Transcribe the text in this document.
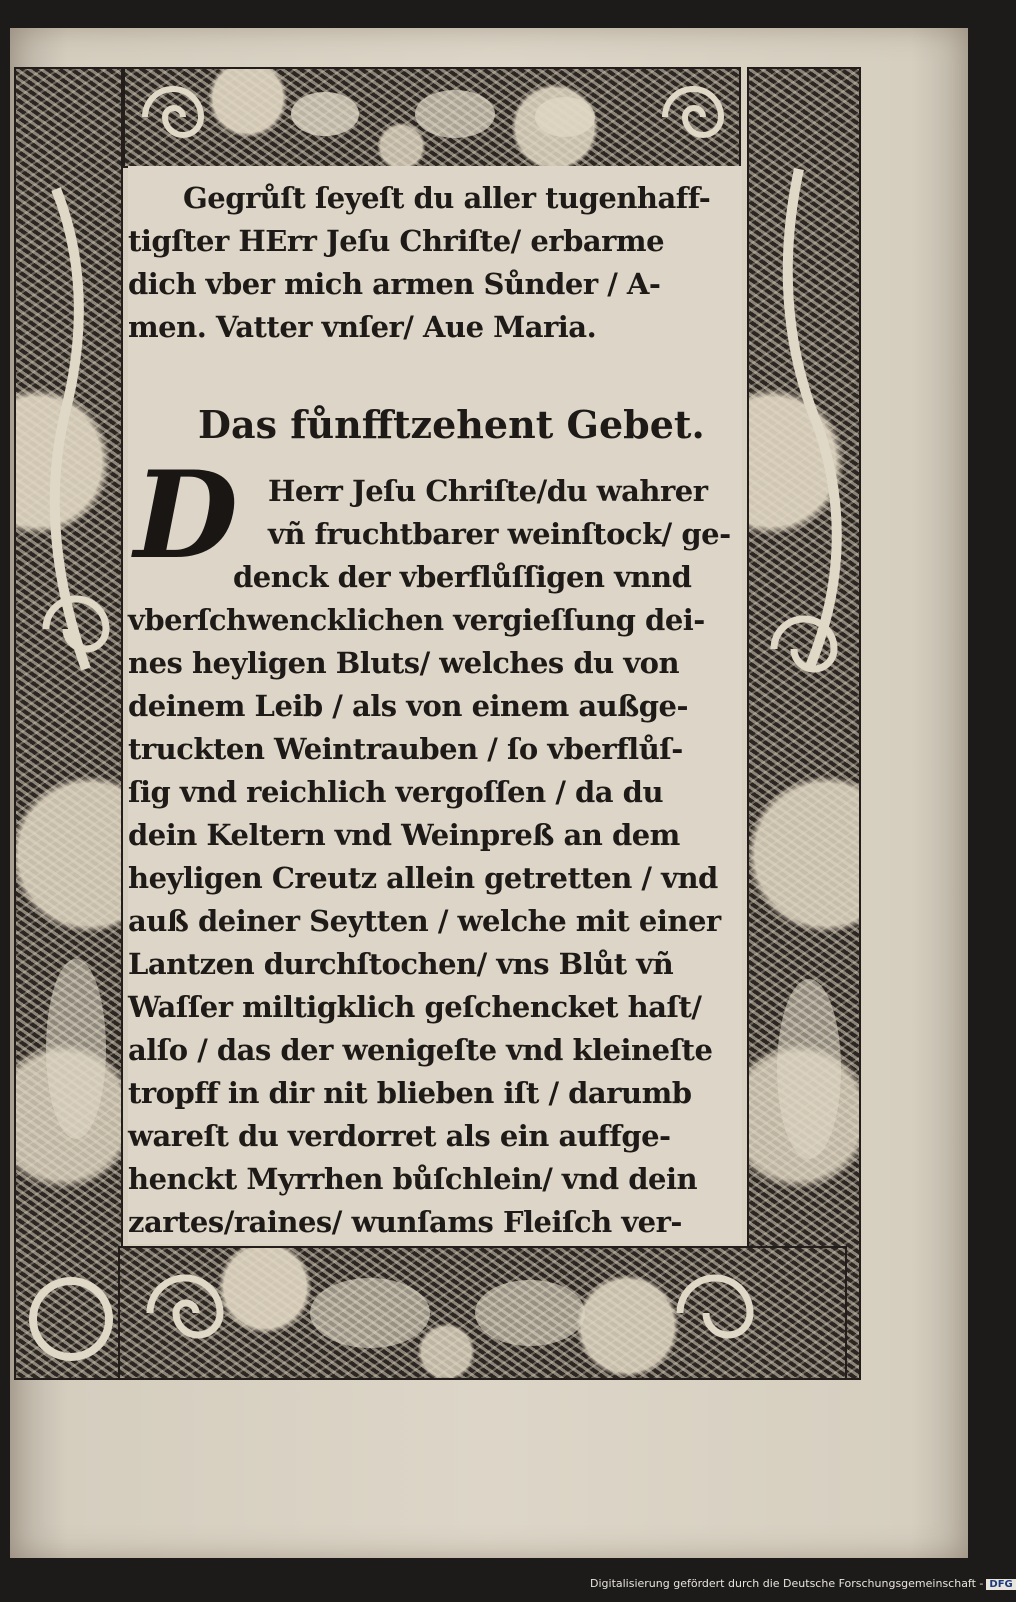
Gegrůſt ſeyeſt du aller tugenhaff-
tigſter HErr Jeſu Chriſte/ erbarme
dich vber mich armen Sůnder / A-
men. Vatter vnſer/ Aue Maria.
Das fůnfftzehent Gebet.
D Herr Jeſu Chriſte/du wahrer
vñ fruchtbarer weinſtock/ ge-
denck der vberflůſſigen vnnd
vberſchwencklichen vergieſſung dei-
nes heyligen Bluts/ welches du von
deinem Leib / als von einem außge-
truckten Weintrauben / ſo vberflůſ-
ſig vnd reichlich vergoſſen / da du
dein Keltern vnd Weinpreß an dem
heyligen Creutz allein getretten / vnd
auß deiner Seytten / welche mit einer
Lantzen durchſtochen/ vns Blůt vñ
Waſſer miltigklich geſchencket haſt/
alſo / das der wenigeſte vnd kleineſte
tropff in dir nit blieben iſt / darumb
wareſt du verdorret als ein auffge-
henckt Myrrhen bůſchlein/ vnd dein
zartes/raines/ wunſams Fleiſch ver-
Digitalisierung gefördert durch die Deutsche Forschungsgemeinschaft - DFG
